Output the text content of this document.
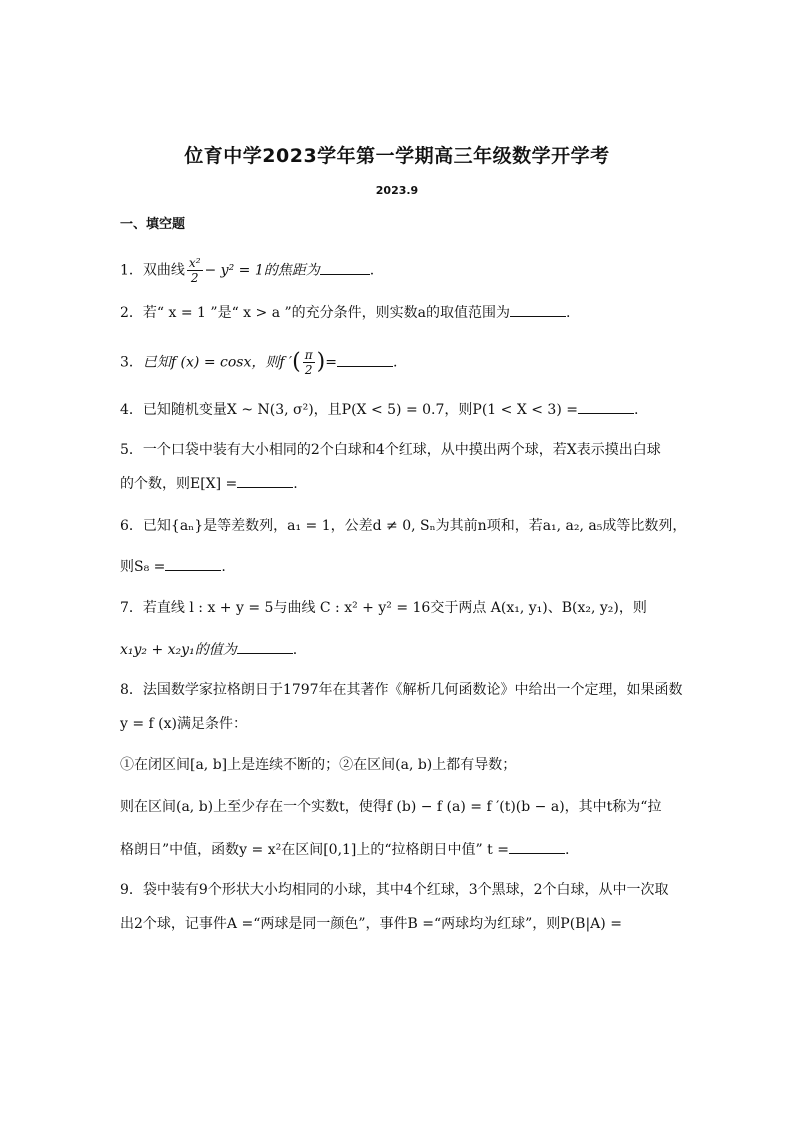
位育中学2023学年第一学期高三年级数学开学考
2023.9
一、填空题
1．双曲线 $\frac{\text{x²}}{2} - y^2 = 1$的焦距为	.
2．若“ x = 1 ”是“ x > a ”的充分条件，则实数a的取值范围为	.
3．已知f (x) = cosx，则f ′( $\frac{\pi}{2}$ )=	.
4．已知随机变量X ~ N(3, σ²)，且P(X < 5) = 0.7，则P(1 < X < 3) =	.
5．一个口袋中装有大小相同的2个白球和4个红球，从中摸出两个球，若X表示摸出白球
的个数，则E[X] =	.
6．已知{aₙ}是等差数列，a₁ = 1，公差d ≠ 0, Sₙ为其前n项和，若a₁, a₂, a₅成等比数列，
则S₈ =	.
7．若直线 l : x + y = 5与曲线 C : x² + y² = 16交于两点 A(x₁, y₁)、B(x₂, y₂)，则
x₁y₂ + x₂y₁的值为	.
8．法国数学家拉格朗日于1797年在其著作《解析几何函数论》中给出一个定理，如果函数
y = f (x)满足条件：
①在闭区间[a, b]上是连续不断的；②在区间(a, b)上都有导数；
则在区间(a, b)上至少存在一个实数t，使得f (b) − f (a) = f ′(t)(b − a)，其中t称为“拉
格朗日”中值，函数y = x²在区间[0,1]上的“拉格朗日中值” t =	.
9．袋中装有9个形状大小均相同的小球，其中4个红球，3个黑球，2个白球，从中一次取
出2个球，记事件A =“两球是同一颜色”，事件B =“两球均为红球”，则P(B|A) =
